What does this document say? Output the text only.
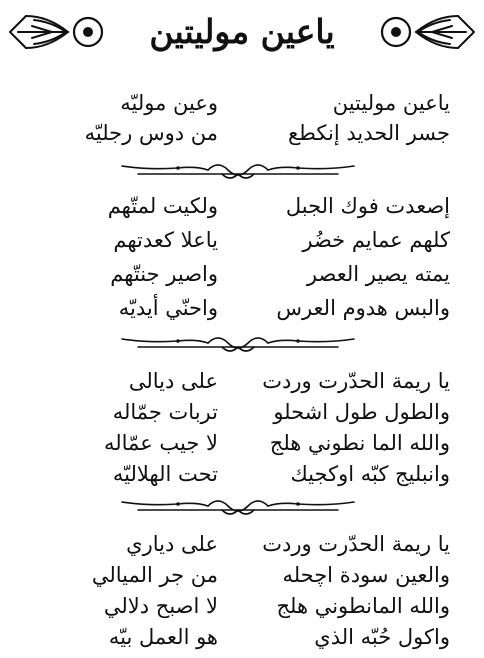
ياعين موليتين
ياعين موليتين
وعين موليّه
جسر الحديد إنكطع
من دوس رجليّه
إصعدت فوك الجبل
ولكيت لمتّهم
كلهم عمايم خضُر
ياعلا كعدتهم
يمته يصير العصر
واصير جنتّهم
والبس هدوم العرس
واحنّي أيديّه
يا ريمة الحدّرت وردت
على ديالى
والطول طول اشحلو
تربات جمّاله
والله الما نطوني هلج
لا جيب عمّاله
وانبليج كبّه اوكجيك
تحت الهلاليّه
يا ريمة الحدّرت وردت
على دياري
والعين سودة اچحله
من جر الميالي
والله المانطوني هلج
لا اصبح دلالي
واكول حُبّه الذي
هو العمل بيّه
